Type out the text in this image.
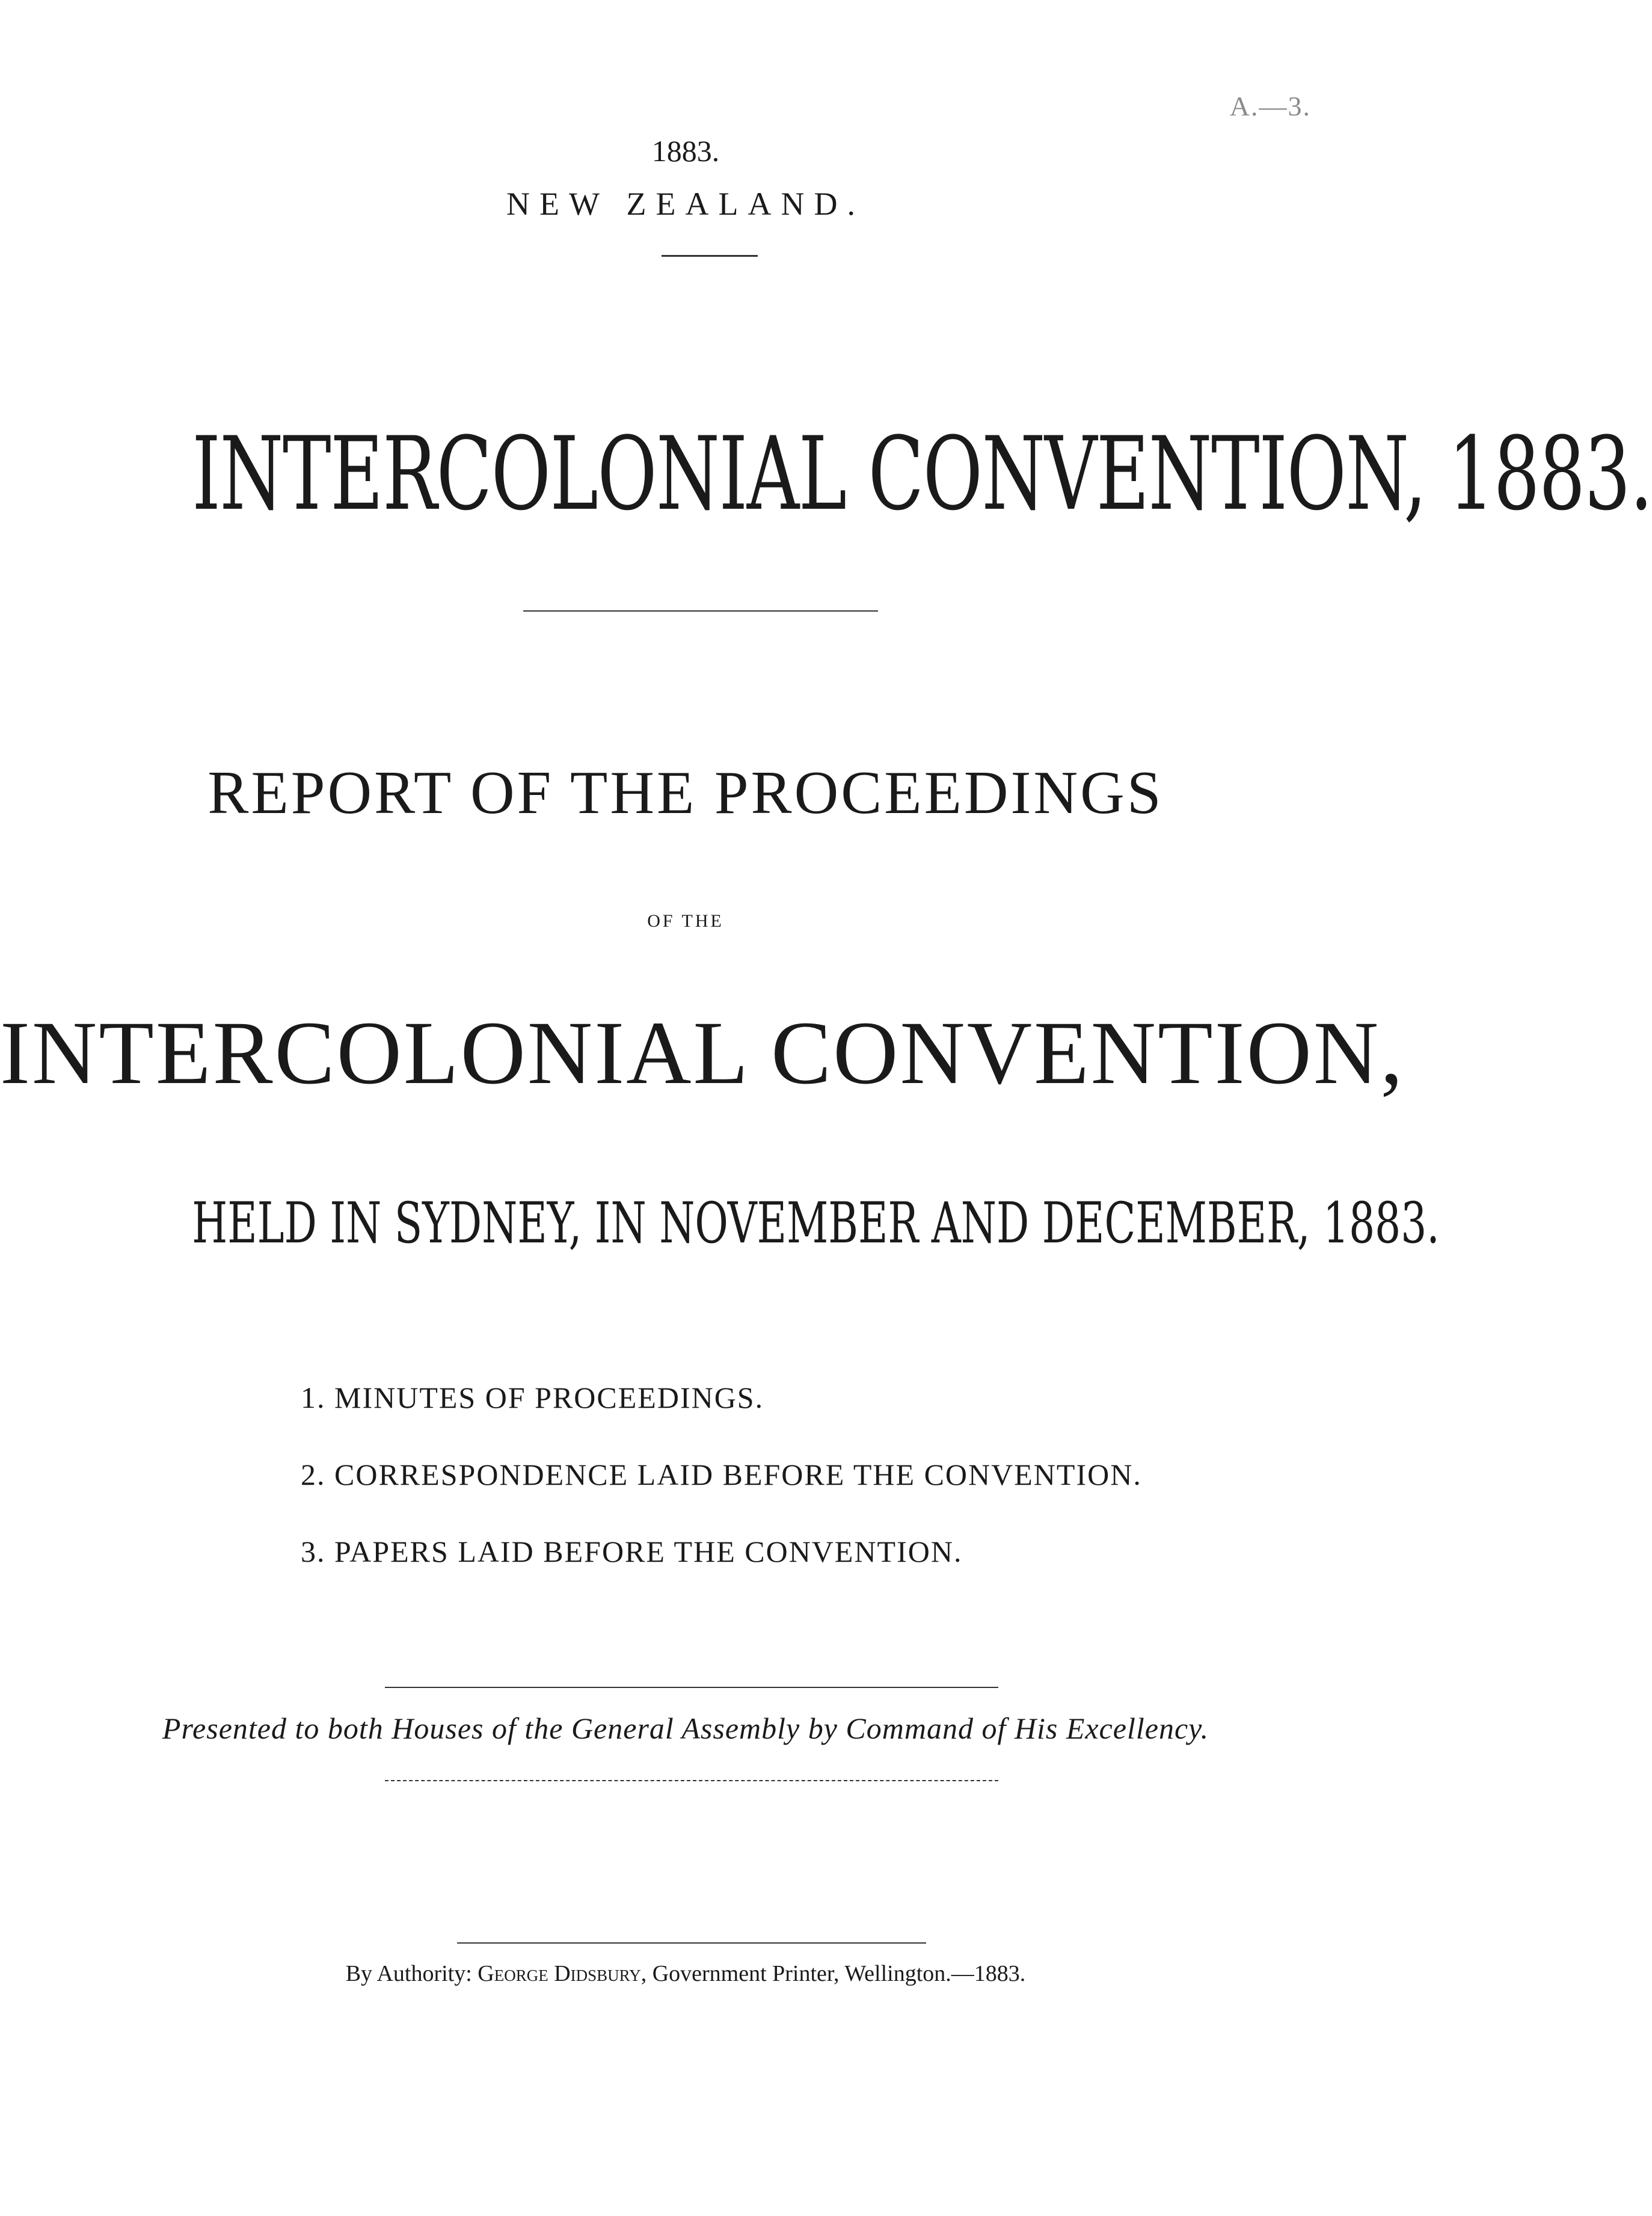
A.—3.
1883.
NEW ZEALAND.
INTERCOLONIAL CONVENTION, 1883.
REPORT OF THE PROCEEDINGS
OF THE
INTERCOLONIAL CONVENTION,
HELD IN SYDNEY, IN NOVEMBER AND DECEMBER, 1883.
1. MINUTES OF PROCEEDINGS.
2. CORRESPONDENCE LAID BEFORE THE CONVENTION.
3. PAPERS LAID BEFORE THE CONVENTION.
Presented to both Houses of the General Assembly by Command of His Excellency.
By Authority: George Didsbury, Government Printer, Wellington.—1883.
